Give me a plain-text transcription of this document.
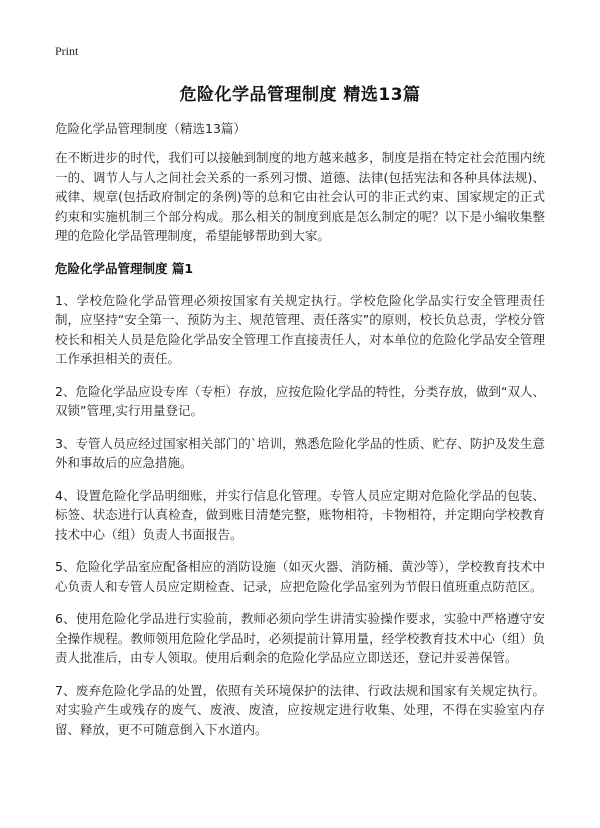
Print
危险化学品管理制度 精选13篇

危险化学品管理制度（精选13篇）

在不断进步的时代，我们可以接触到制度的地方越来越多，制度是指在特定社会范围内统一的、调节人与人之间社会关系的一系列习惯、道德、法律(包括宪法和各种具体法规)、戒律、规章(包括政府制定的条例)等的总和它由社会认可的非正式约束、国家规定的正式约束和实施机制三个部分构成。那么相关的制度到底是怎么制定的呢？以下是小编收集整理的危险化学品管理制度，希望能够帮助到大家。

危险化学品管理制度 篇1

1、学校危险化学品管理必须按国家有关规定执行。学校危险化学品实行安全管理责任制，应坚持“安全第一、预防为主、规范管理、责任落实”的原则，校长负总责，学校分管校长和相关人员是危险化学品安全管理工作直接责任人，对本单位的危险化学品安全管理工作承担相关的责任。

2、危险化学品应设专库（专柜）存放，应按危险化学品的特性，分类存放，做到“双人、双锁”管理,实行用量登记。

3、专管人员应经过国家相关部门的`培训，熟悉危险化学品的性质、贮存、防护及发生意外和事故后的应急措施。

4、设置危险化学品明细账，并实行信息化管理。专管人员应定期对危险化学品的包装、标签、状态进行认真检查，做到账目清楚完整，账物相符，卡物相符，并定期向学校教育技术中心（组）负责人书面报告。

5、危险化学品室应配备相应的消防设施（如灭火器、消防桶、黄沙等），学校教育技术中心负责人和专管人员应定期检查、记录，应把危险化学品室列为节假日值班重点防范区。

6、使用危险化学品进行实验前，教师必须向学生讲清实验操作要求，实验中严格遵守安全操作规程。教师领用危险化学品时，必须提前计算用量，经学校教育技术中心（组）负责人批准后，由专人领取。使用后剩余的危险化学品应立即送还，登记并妥善保管。

7、废弃危险化学品的处置，依照有关环境保护的法律、行政法规和国家有关规定执行。对实验产生或残存的废气、废液、废渣，应按规定进行收集、处理，不得在实验室内存留、释放，更不可随意倒入下水道内。
